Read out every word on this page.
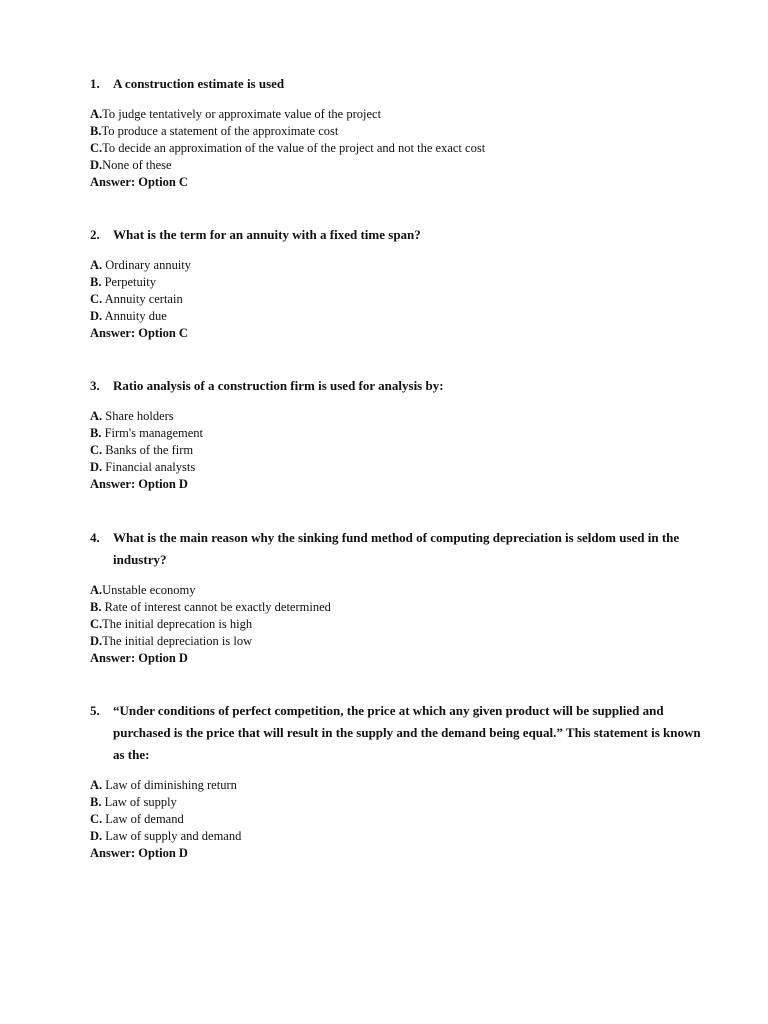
1.	A construction estimate is used
A.To judge tentatively or approximate value of the project
B.To produce a statement of the approximate cost
C.To decide an approximation of the value of the project and not the exact cost
D.None of these
Answer: Option C
2.	What is the term for an annuity with a fixed time span?
A. Ordinary annuity
B. Perpetuity
C. Annuity certain
D. Annuity due
Answer: Option C
3.	Ratio analysis of a construction firm is used for analysis by:
A. Share holders
B. Firm's management
C. Banks of the firm
D. Financial analysts
Answer: Option D
4.	What is the main reason why the sinking fund method of computing depreciation is seldom used in the industry?
A.Unstable economy
B. Rate of interest cannot be exactly determined
C.The initial deprecation is high
D.The initial depreciation is low
Answer: Option D
5.	“Under conditions of perfect competition, the price at which any given product will be supplied and purchased is the price that will result in the supply and the demand being equal.” This statement is known as the:
A. Law of diminishing return
B. Law of supply
C. Law of demand
D. Law of supply and demand
Answer: Option D
